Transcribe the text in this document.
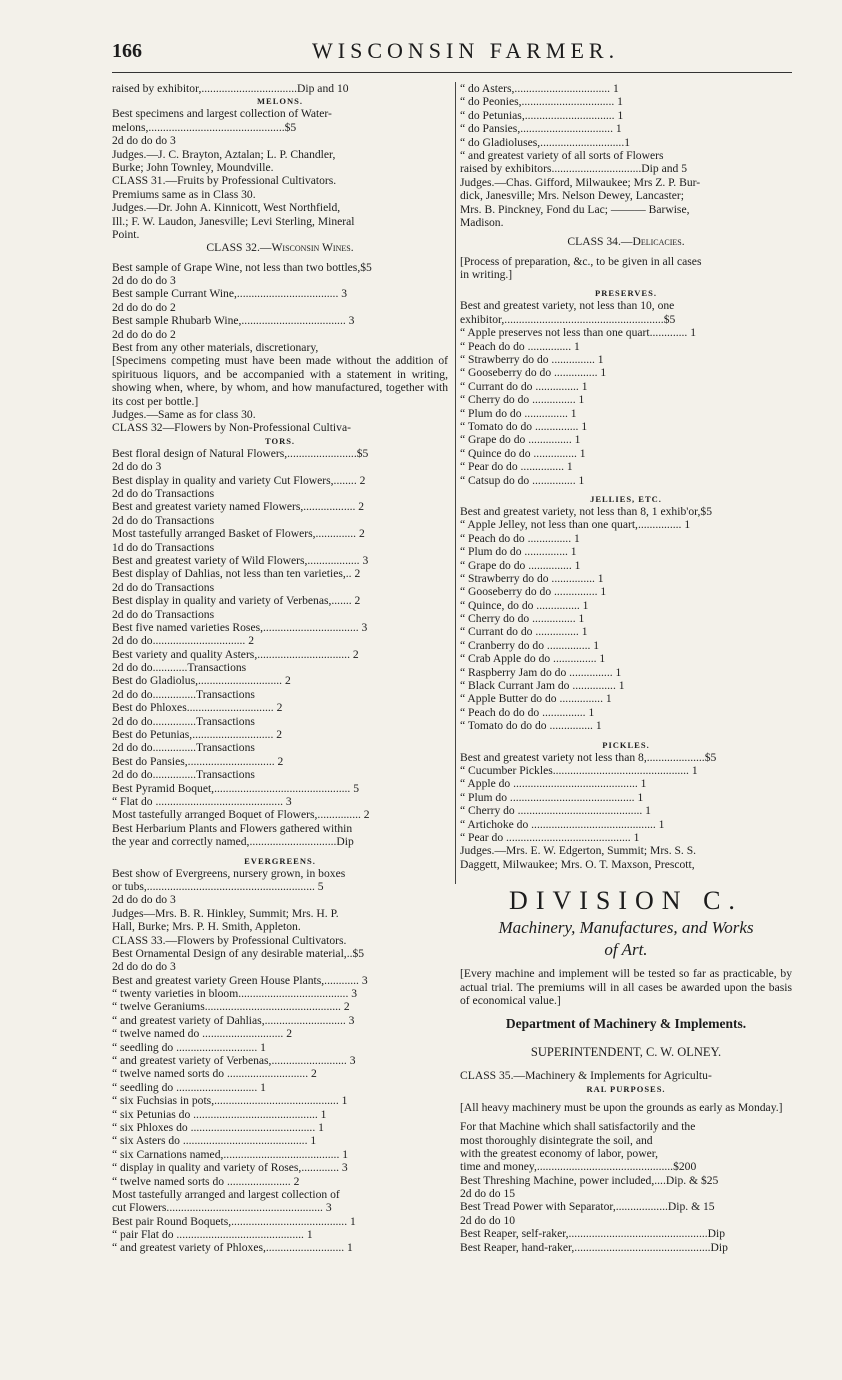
166	WISCONSIN FARMER.
raised by exhibitor,.................................Dip and 10
MELONS.
Best specimens and largest collection of Water-
melons,...............................................$5
2d do do do 3
Judges.—J. C. Brayton, Aztalan; L. P. Chandler,
Burke; John Townley, Moundville.
CLASS 31.—Fruits by Professional Cultivators.
Premiums same as in Class 30.
Judges.—Dr. John A. Kinnicott, West Northfield,
Ill.; F. W. Laudon, Janesville; Levi Sterling, Mineral
Point.
CLASS 32.—Wisconsin Wines.
Best sample of Grape Wine, not less than two bottles,$5
2d do do do 3
Best sample Currant Wine,................................... 3
2d do do do 2
Best sample Rhubarb Wine,.................................... 3
2d do do do 2
Best from any other materials, discretionary,
[Specimens competing must have been made without the addition of spirituous liquors, and be accompanied with a statement in writing, showing when, where, by whom, and how manufactured, together with its cost per bottle.]
Judges.—Same as for class 30.
CLASS 32—Flowers by Non-Professional Cultiva-
TORS.
Best floral design of Natural Flowers,........................$5
2d do do 3
Best display in quality and variety Cut Flowers,........ 2
2d do do Transactions
Best and greatest variety named Flowers,.................. 2
2d do do Transactions
Most tastefully arranged Basket of Flowers,.............. 2
1d do do Transactions
Best and greatest variety of Wild Flowers,.................. 3
Best display of Dahlias, not less than ten varieties,.. 2
2d do do Transactions
Best display in quality and variety of Verbenas,....... 2
2d do do Transactions
Best five named varieties Roses,................................. 3
2d do do................................ 2
Best variety and quality Asters,................................ 2
2d do do............Transactions
Best do Gladiolus,............................. 2
2d do do...............Transactions
Best do Phloxes.............................. 2
2d do do...............Transactions
Best do Petunias,............................ 2
2d do do...............Transactions
Best do Pansies,.............................. 2
2d do do...............Transactions
Best Pyramid Boquet,............................................... 5
“ Flat do ............................................ 3
Most tastefully arranged Boquet of Flowers,............... 2
Best Herbarium Plants and Flowers gathered within
the year and correctly named,..............................Dip
EVERGREENS.
Best show of Evergreens, nursery grown, in boxes
or tubs,.......................................................... 5
2d do do do 3
Judges—Mrs. B. R. Hinkley, Summit; Mrs. H. P.
Hall, Burke; Mrs. P. H. Smith, Appleton.
CLASS 33.—Flowers by Professional Cultivators.
Best Ornamental Design of any desirable material,..$5
2d do do do 3
Best and greatest variety Green House Plants,............ 3
“ twenty varieties in bloom...................................... 3
“ twelve Geraniums............................................... 2
“ and greatest variety of Dahlias,............................ 3
“ twelve named do ............................ 2
“ seedling do ............................ 1
“ and greatest variety of Verbenas,.......................... 3
“ twelve named sorts do ............................ 2
“ seedling do ............................ 1
“ six Fuchsias in pots,........................................... 1
“ six Petunias do ........................................... 1
“ six Phloxes do ........................................... 1
“ six Asters do ........................................... 1
“ six Carnations named,........................................ 1
“ display in quality and variety of Roses,............. 3
“ twelve named sorts do ...................... 2
Most tastefully arranged and largest collection of
cut Flowers...................................................... 3
Best pair Round Boquets,........................................ 1
“ pair Flat do ............................................ 1
“ and greatest variety of Phloxes,........................... 1
“ do Asters,................................. 1
“ do Peonies,................................ 1
“ do Petunias,............................... 1
“ do Pansies,................................ 1
“ do Gladioluses,.............................1
“ and greatest variety of all sorts of Flowers
raised by exhibitors...............................Dip and 5
Judges.—Chas. Gifford, Milwaukee; Mrs Z. P. Bur-
dick, Janesville; Mrs. Nelson Dewey, Lancaster;
Mrs. B. Pinckney, Fond du Lac; ——— Barwise,
Madison.
CLASS 34.—Delicacies.
[Process of preparation, &c., to be given in all cases
in writing.]
PRESERVES.
Best and greatest variety, not less than 10, one
exhibitor,.......................................................$5
“ Apple preserves not less than one quart............. 1
“ Peach do do ............... 1
“ Strawberry do do ............... 1
“ Gooseberry do do ............... 1
“ Currant do do ............... 1
“ Cherry do do ............... 1
“ Plum do do ............... 1
“ Tomato do do ............... 1
“ Grape do do ............... 1
“ Quince do do ............... 1
“ Pear do do ............... 1
“ Catsup do do ............... 1
JELLIES, ETC.
Best and greatest variety, not less than 8, 1 exhib'or,$5
“ Apple Jelley, not less than one quart,............... 1
“ Peach do do ............... 1
“ Plum do do ............... 1
“ Grape do do ............... 1
“ Strawberry do do ............... 1
“ Gooseberry do do ............... 1
“ Quince, do do ............... 1
“ Cherry do do ............... 1
“ Currant do do ............... 1
“ Cranberry do do ............... 1
“ Crab Apple do do ............... 1
“ Raspberry Jam do do ............... 1
“ Black Currant Jam do ............... 1
“ Apple Butter do do ............... 1
“ Peach do do do ............... 1
“ Tomato do do do ............... 1
PICKLES.
Best and greatest variety not less than 8,....................$5
“ Cucumber Pickles............................................... 1
“ Apple do ........................................... 1
“ Plum do ........................................... 1
“ Cherry do ........................................... 1
“ Artichoke do ........................................... 1
“ Pear do ........................................... 1
Judges.—Mrs. E. W. Edgerton, Summit; Mrs. S. S.
Daggett, Milwaukee; Mrs. O. T. Maxson, Prescott,
DIVISION C.
Machinery, Manufactures, and Works
of Art.
[Every machine and implement will be tested so far as practicable, by actual trial. The premiums will in all cases be awarded upon the basis of economical value.]
Department of Machinery & Implements.
SUPERINTENDENT, C. W. OLNEY.
CLASS 35.—Machinery & Implements for Agricultu-
RAL PURPOSES.
[All heavy machinery must be upon the grounds as early as Monday.]
For that Machine which shall satisfactorily and the
most thoroughly disintegrate the soil, and
with the greatest economy of labor, power,
time and money,...............................................$200
Best Threshing Machine, power included,....Dip. & $25
2d do do 15
Best Tread Power with Separator,..................Dip. & 15
2d do do 10
Best Reaper, self-raker,................................................Dip
Best Reaper, hand-raker,...............................................Dip
